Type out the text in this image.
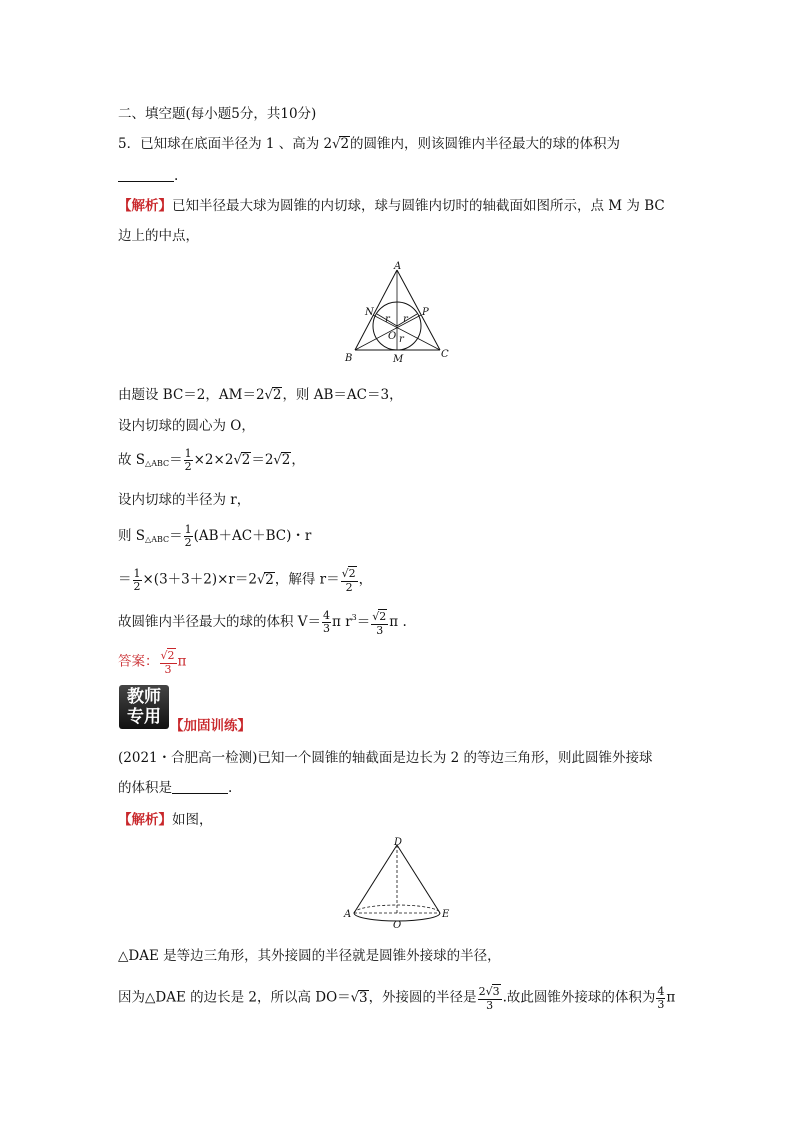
二、填空题(每小题5分，共10分)
5．已知球在底面半径为 1 、高为 2√2的圆锥内，则该圆锥内半径最大的球的体积为
.
【解析】已知半径最大球为圆锥的内切球，球与圆锥内切时的轴截面如图所示，点 M 为 BC
边上的中点，
A
B	C
M
N	P
O
r r
r
由题设 BC＝2，AM＝2√2，则 AB＝AC＝3，
设内切球的圆心为 O，
故 $S_{\triangle ABC}= \frac{1}{2} \times 2\times 2√2=2√2$，
设内切球的半径为 r，
则 $S_{\triangle ABC}= \frac{1}{2} (AB+AC+BC)$・r
＝ $\frac{1}{2} \times(3+3+2)\times r=2√2$，解得 $r= \frac{√2}{2}$ ，
故圆锥内半径最大的球的体积 $V= \frac{4}{3}$ π $r^3= \frac{√2}{3}$ π .
答案： $\frac{√2}{3}$ π
教师
专用 【加固训练】
(2021・合肥高一检测)已知一个圆锥的轴截面是边长为 2 的等边三角形，则此圆锥外接球
的体积是	.
【解析】如图，
D
A	E
O
△DAE 是等边三角形，其外接圆的半径就是圆锥外接球的半径，
因为△DAE 的边长是 2，所以高 DO＝√3，外接圆的半径是 $\frac{2√3}{3}$ .故此圆锥外接球的体积为 $\frac{4}{3}$ π
